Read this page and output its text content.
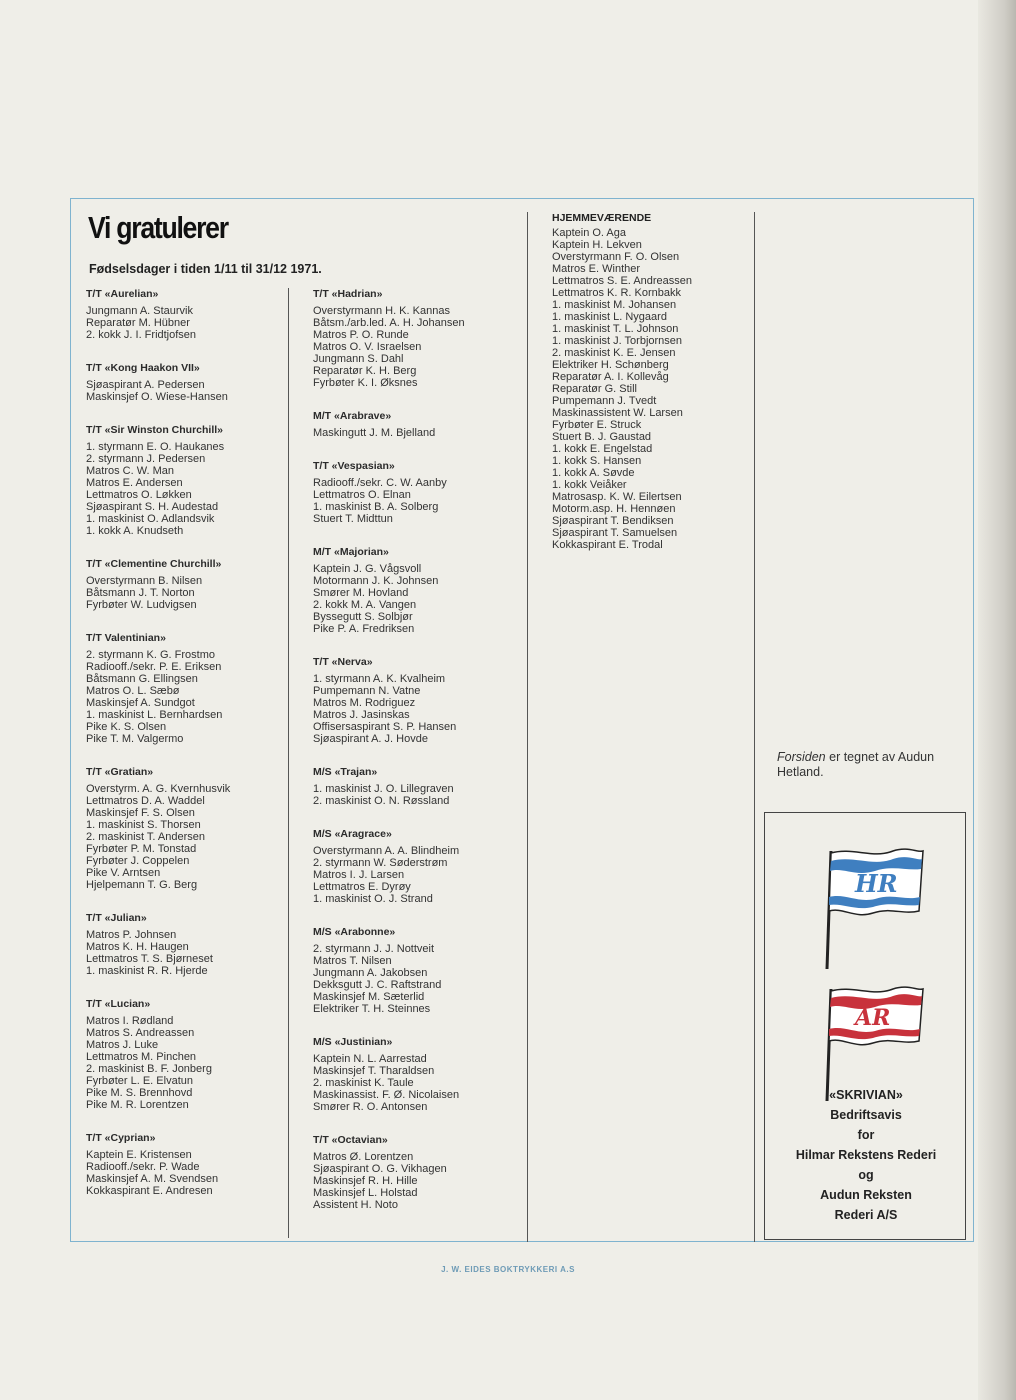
Vi gratulerer
Fødselsdager i tiden 1/11 til 31/12 1971.
T/T «Aurelian»
Jungmann A. Staurvik
Reparatør M. Hübner
2. kokk J. I. Fridtjofsen
T/T «Kong Haakon VII»
Sjøaspirant A. Pedersen
Maskinsjef O. Wiese-Hansen
T/T «Sir Winston Churchill»
1. styrmann E. O. Haukanes
2. styrmann J. Pedersen
Matros C. W. Man
Matros E. Andersen
Lettmatros O. Løkken
Sjøaspirant S. H. Audestad
1. maskinist O. Adlandsvik
1. kokk A. Knudseth
T/T «Clementine Churchill»
Overstyrmann B. Nilsen
Båtsmann J. T. Norton
Fyrbøter W. Ludvigsen
T/T Valentinian»
2. styrmann K. G. Frostmo
Radiooff./sekr. P. E. Eriksen
Båtsmann G. Ellingsen
Matros O. L. Sæbø
Maskinsjef A. Sundgot
1. maskinist L. Bernhardsen
Pike K. S. Olsen
Pike T. M. Valgermo
T/T «Gratian»
Overstyrm. A. G. Kvernhusvik
Lettmatros D. A. Waddel
Maskinsjef F. S. Olsen
1. maskinist S. Thorsen
2. maskinist T. Andersen
Fyrbøter P. M. Tonstad
Fyrbøter J. Coppelen
Pike V. Arntsen
Hjelpemann T. G. Berg
T/T «Julian»
Matros P. Johnsen
Matros K. H. Haugen
Lettmatros T. S. Bjørneset
1. maskinist R. R. Hjerde
T/T «Lucian»
Matros I. Rødland
Matros S. Andreassen
Matros J. Luke
Lettmatros M. Pinchen
2. maskinist B. F. Jonberg
Fyrbøter L. E. Elvatun
Pike M. S. Brennhovd
Pike M. R. Lorentzen
T/T «Cyprian»
Kaptein E. Kristensen
Radiooff./sekr. P. Wade
Maskinsjef A. M. Svendsen
Kokkaspirant E. Andresen
T/T «Hadrian»
Overstyrmann H. K. Kannas
Båtsm./arb.led. A. H. Johansen
Matros P. O. Runde
Matros O. V. Israelsen
Jungmann S. Dahl
Reparatør K. H. Berg
Fyrbøter K. I. Øksnes
M/T «Arabrave»
Maskingutt J. M. Bjelland
T/T «Vespasian»
Radiooff./sekr. C. W. Aanby
Lettmatros O. Elnan
1. maskinist B. A. Solberg
Stuert T. Midttun
M/T «Majorian»
Kaptein J. G. Vågsvoll
Motormann J. K. Johnsen
Smører M. Hovland
2. kokk M. A. Vangen
Byssegutt S. Solbjør
Pike P. A. Fredriksen
T/T «Nerva»
1. styrmann A. K. Kvalheim
Pumpemann N. Vatne
Matros M. Rodriguez
Matros J. Jasinskas
Offisersaspirant S. P. Hansen
Sjøaspirant A. J. Hovde
M/S «Trajan»
1. maskinist J. O. Lillegraven
2. maskinist O. N. Røssland
M/S «Aragrace»
Overstyrmann A. A. Blindheim
2. styrmann W. Søderstrøm
Matros I. J. Larsen
Lettmatros E. Dyrøy
1. maskinist O. J. Strand
M/S «Arabonne»
2. styrmann J. J. Nottveit
Matros T. Nilsen
Jungmann A. Jakobsen
Dekksgutt J. C. Raftstrand
Maskinsjef M. Sæterlid
Elektriker T. H. Steinnes
M/S «Justinian»
Kaptein N. L. Aarrestad
Maskinsjef T. Tharaldsen
2. maskinist K. Taule
Maskinassist. F. Ø. Nicolaisen
Smører R. O. Antonsen
T/T «Octavian»
Matros Ø. Lorentzen
Sjøaspirant O. G. Vikhagen
Maskinsjef R. H. Hille
Maskinsjef L. Holstad
Assistent H. Noto
HJEMMEVÆRENDE
Kaptein O. Aga
Kaptein H. Lekven
Overstyrmann F. O. Olsen
Matros E. Winther
Lettmatros S. E. Andreassen
Lettmatros K. R. Kornbakk
1. maskinist M. Johansen
1. maskinist L. Nygaard
1. maskinist T. L. Johnson
1. maskinist J. Torbjornsen
2. maskinist K. E. Jensen
Elektriker H. Schønberg
Reparatør A. I. Kollevåg
Reparatør G. Still
Pumpemann J. Tvedt
Maskinassistent W. Larsen
Fyrbøter E. Struck
Stuert B. J. Gaustad
1. kokk E. Engelstad
1. kokk S. Hansen
1. kokk A. Søvde
1. kokk Veiåker
Matrosasp. K. W. Eilertsen
Motorm.asp. H. Hennøen
Sjøaspirant T. Bendiksen
Sjøaspirant T. Samuelsen
Kokkaspirant E. Trodal
Forsiden er tegnet av Audun Hetland.
HR
AR
«SKRIVIAN»
Bedriftsavis
for
Hilmar Rekstens Rederi
og
Audun Reksten
Rederi A/S
J. W. EIDES BOKTRYKKERI A.S
